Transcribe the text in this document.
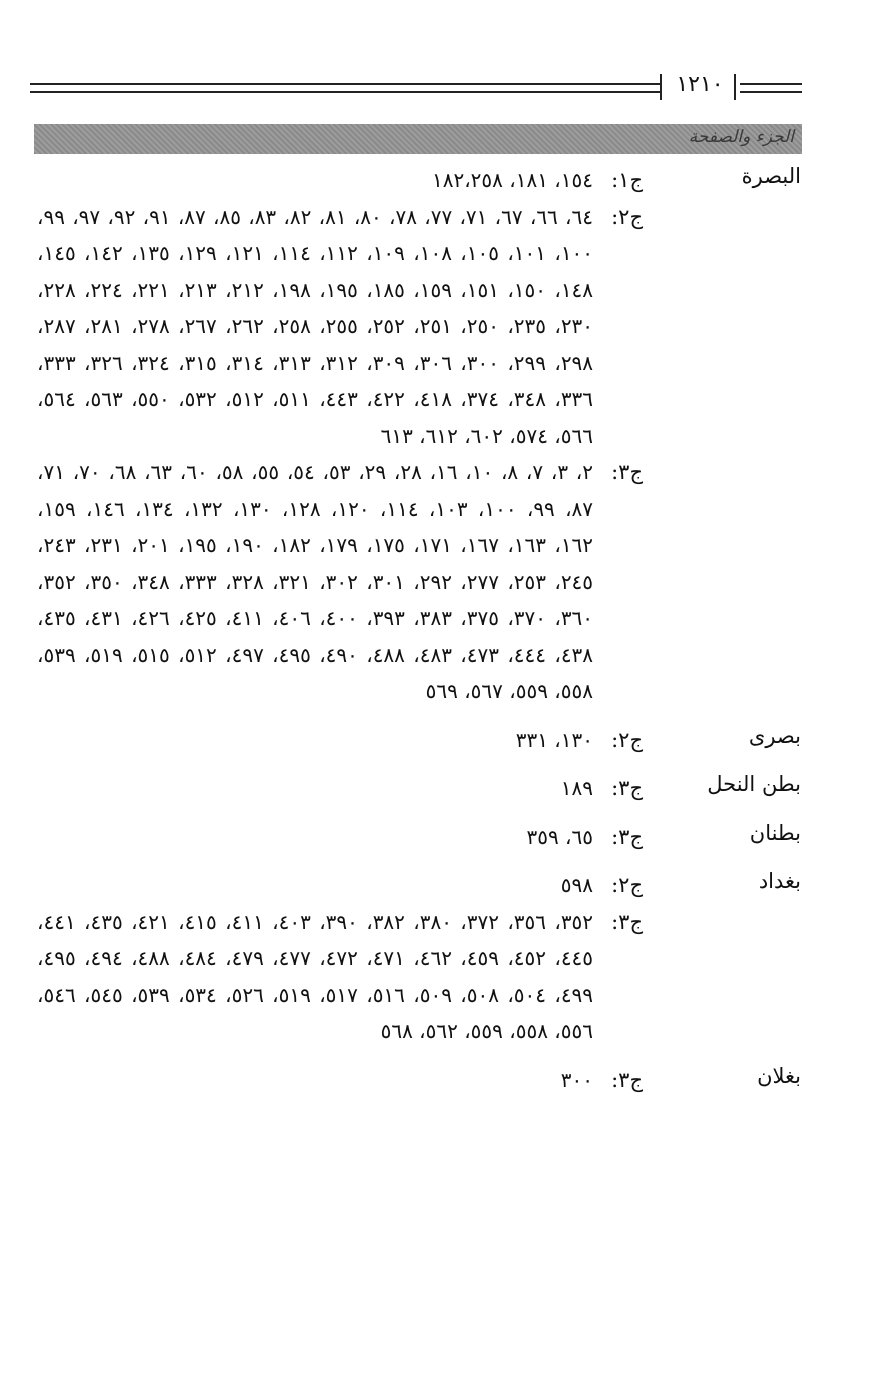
١٢١٠
الجزء والصفحة
البصرة
ج١:
١٥٤، ١٨١، ١٨٢،٢٥٨
ج٢:
٦٤، ٦٦، ٦٧، ٧١، ٧٧، ٧٨، ٨٠، ٨١، ٨٢، ٨٣، ٨٥، ٨٧، ٩١، ٩٢، ٩٧، ٩٩، ١٠٠، ١٠١، ١٠٥، ١٠٨، ١٠٩، ١١٢، ١١٤، ١٢١، ١٢٩، ١٣٥، ١٤٢، ١٤٥، ١٤٨، ١٥٠، ١٥١، ١٥٩، ١٨٥، ١٩٥، ١٩٨، ٢١٢، ٢١٣، ٢٢١، ٢٢٤، ٢٢٨، ٢٣٠، ٢٣٥، ٢٥٠، ٢٥١، ٢٥٢، ٢٥٥، ٢٥٨، ٢٦٢، ٢٦٧، ٢٧٨، ٢٨١، ٢٨٧، ٢٩٨، ٢٩٩، ٣٠٠، ٣٠٦، ٣٠٩، ٣١٢، ٣١٣، ٣١٤، ٣١٥، ٣٢٤، ٣٢٦، ٣٣٣، ٣٣٦، ٣٤٨، ٣٧٤، ٤١٨، ٤٢٢، ٤٤٣، ٥١١، ٥١٢، ٥٣٢، ٥٥٠، ٥٦٣، ٥٦٤، ٥٦٦، ٥٧٤، ٦٠٢، ٦١٢، ٦١٣
ج٣:
٢، ٣، ٧، ٨، ١٠، ١٦، ٢٨، ٢٩، ٥٣، ٥٤، ٥٥، ٥٨، ٦٠، ٦٣، ٦٨، ٧٠، ٧١، ٨٧، ٩٩، ١٠٠، ١٠٣، ١١٤، ١٢٠، ١٢٨، ١٣٠، ١٣٢، ١٣٤، ١٤٦، ١٥٩، ١٦٢، ١٦٣، ١٦٧، ١٧١، ١٧٥، ١٧٩، ١٨٢، ١٩٠، ١٩٥، ٢٠١، ٢٣١، ٢٤٣، ٢٤٥، ٢٥٣، ٢٧٧، ٢٩٢، ٣٠١، ٣٠٢، ٣٢١، ٣٢٨، ٣٣٣، ٣٤٨، ٣٥٠، ٣٥٢، ٣٦٠، ٣٧٠، ٣٧٥، ٣٨٣، ٣٩٣، ٤٠٠، ٤٠٦، ٤١١، ٤٢٥، ٤٢٦، ٤٣١، ٤٣٥، ٤٣٨، ٤٤٤، ٤٧٣، ٤٨٣، ٤٨٨، ٤٩٠، ٤٩٥، ٤٩٧، ٥١٢، ٥١٥، ٥١٩، ٥٣٩، ٥٥٨، ٥٥٩، ٥٦٧، ٥٦٩
بصرى
ج٢:
١٣٠، ٣٣١
بطن النحل
ج٣:
١٨٩
بطنان
ج٣:
٦٥، ٣٥٩
بغداد
ج٢:
٥٩٨
ج٣:
٣٥٢، ٣٥٦، ٣٧٢، ٣٨٠، ٣٨٢، ٣٩٠، ٤٠٣، ٤١١، ٤١٥، ٤٢١، ٤٣٥، ٤٤١، ٤٤٥، ٤٥٢، ٤٥٩، ٤٦٢، ٤٧١، ٤٧٢، ٤٧٧، ٤٧٩، ٤٨٤، ٤٨٨، ٤٩٤، ٤٩٥، ٤٩٩، ٥٠٤، ٥٠٨، ٥٠٩، ٥١٦، ٥١٧، ٥١٩، ٥٢٦، ٥٣٤، ٥٣٩، ٥٤٥، ٥٤٦، ٥٥٦، ٥٥٨، ٥٥٩، ٥٦٢، ٥٦٨
بغلان
ج٣:
٣٠٠
